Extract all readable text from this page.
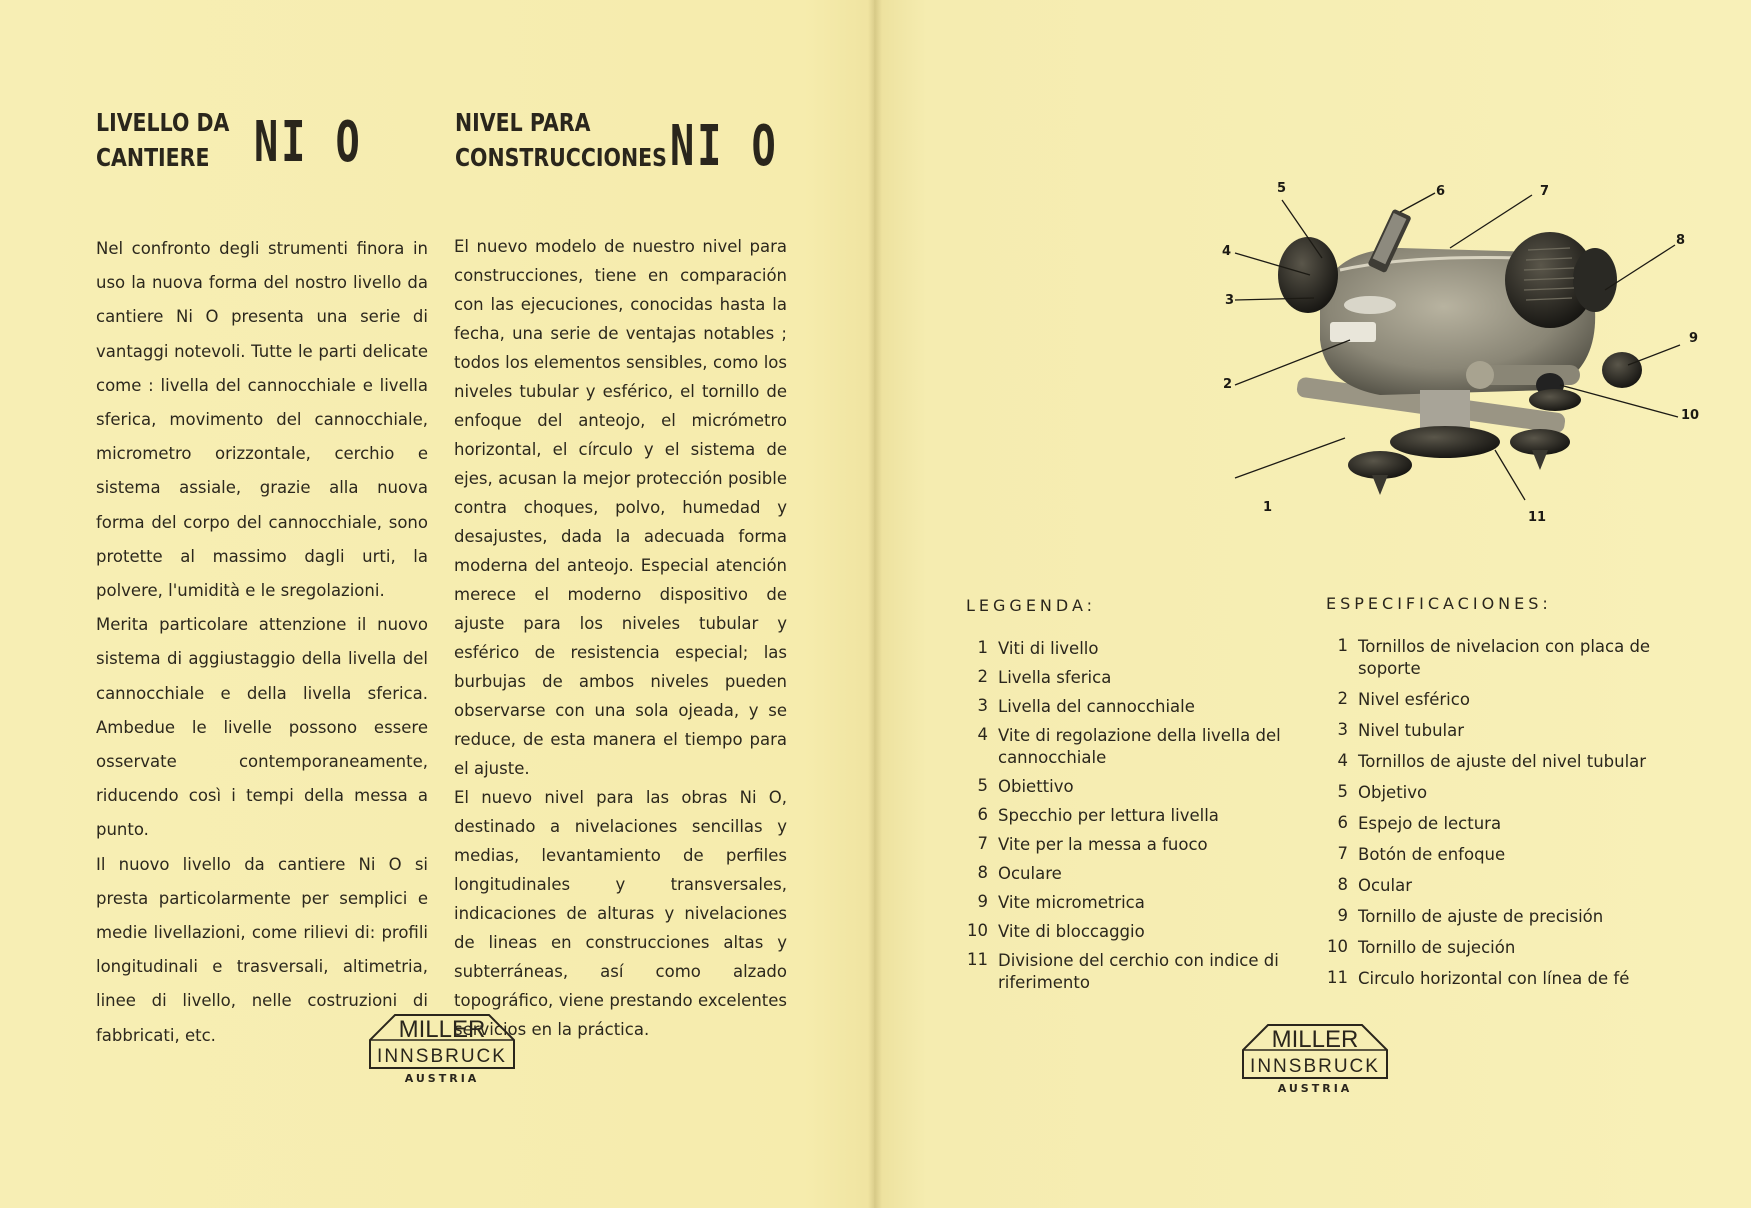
LIVELLO DA
CANTIERE NI O	NIVEL PARA
CONSTRUCCIONES NI O

Nel confronto degli strumenti finora in uso la nuova forma del nostro livello da cantiere Ni O presenta una serie di vantaggi notevoli. Tutte le parti delicate come : livella del cannocchiale e livella sferica, movimento del cannocchiale, micrometro orizzontale, cerchio e sistema assiale, grazie alla nuova forma del corpo del cannocchiale, sono protette al massimo dagli urti, la polvere, l'umidità e le sregolazioni.

Merita particolare attenzione il nuovo sistema di aggiustaggio della livella del cannocchiale e della livella sferica. Ambedue le livelle possono essere osservate contemporaneamente, riducendo così i tempi della messa a punto.

Il nuovo livello da cantiere Ni O si presta particolarmente per semplici e medie livellazioni, come rilievi di: profili longitudinali e trasversali, altimetria, linee di livello, nelle costruzioni di fabbricati, etc.

El nuevo modelo de nuestro nivel para construcciones, tiene en comparación con las ejecuciones, conocidas hasta la fecha, una serie de ventajas notables ; todos los elementos sensibles, como los niveles tubular y esférico, el tornillo de enfoque del anteojo, el micrómetro horizontal, el círculo y el sistema de ejes, acusan la mejor protección posible contra choques, polvo, humedad y desajustes, dada la adecuada forma moderna del anteojo. Especial atención merece el moderno dispositivo de ajuste para los niveles tubular y esférico de resistencia especial; las burbujas de ambos niveles pueden observarse con una sola ojeada, y se reduce, de esta manera el tiempo para el ajuste.

El nuevo nivel para las obras Ni O, destinado a nivelaciones sencillas y medias, levantamiento de perfiles longitudinales y transversales, indicaciones de alturas y nivelaciones de lineas en construcciones altas y subterráneas, así como alzado topográfico, viene prestando excelentes servicios en la práctica.

MILLER
INNSBRUCK
AUSTRIA
1
2
3
4
5	6	7
8
9
10
11
LEGGENDA:
1 Viti di livello
2 Livella sferica
3 Livella del cannocchiale
4 Vite di regolazione della livella del cannocchiale
5 Obiettivo
6 Specchio per lettura livella
7 Vite per la messa a fuoco
8 Oculare
9 Vite micrometrica
10 Vite di bloccaggio
11 Divisione del cerchio con indice di riferimento
ESPECIFICACIONES:
1 Tornillos de nivelacion con placa de soporte
2 Nivel esférico
3 Nivel tubular
4 Tornillos de ajuste del nivel tubular
5 Objetivo
6 Espejo de lectura
7 Botón de enfoque
8 Ocular
9 Tornillo de ajuste de precisión
10 Tornillo de sujeción
11 Circulo horizontal con línea de fé
MILLER
INNSBRUCK
AUSTRIA
